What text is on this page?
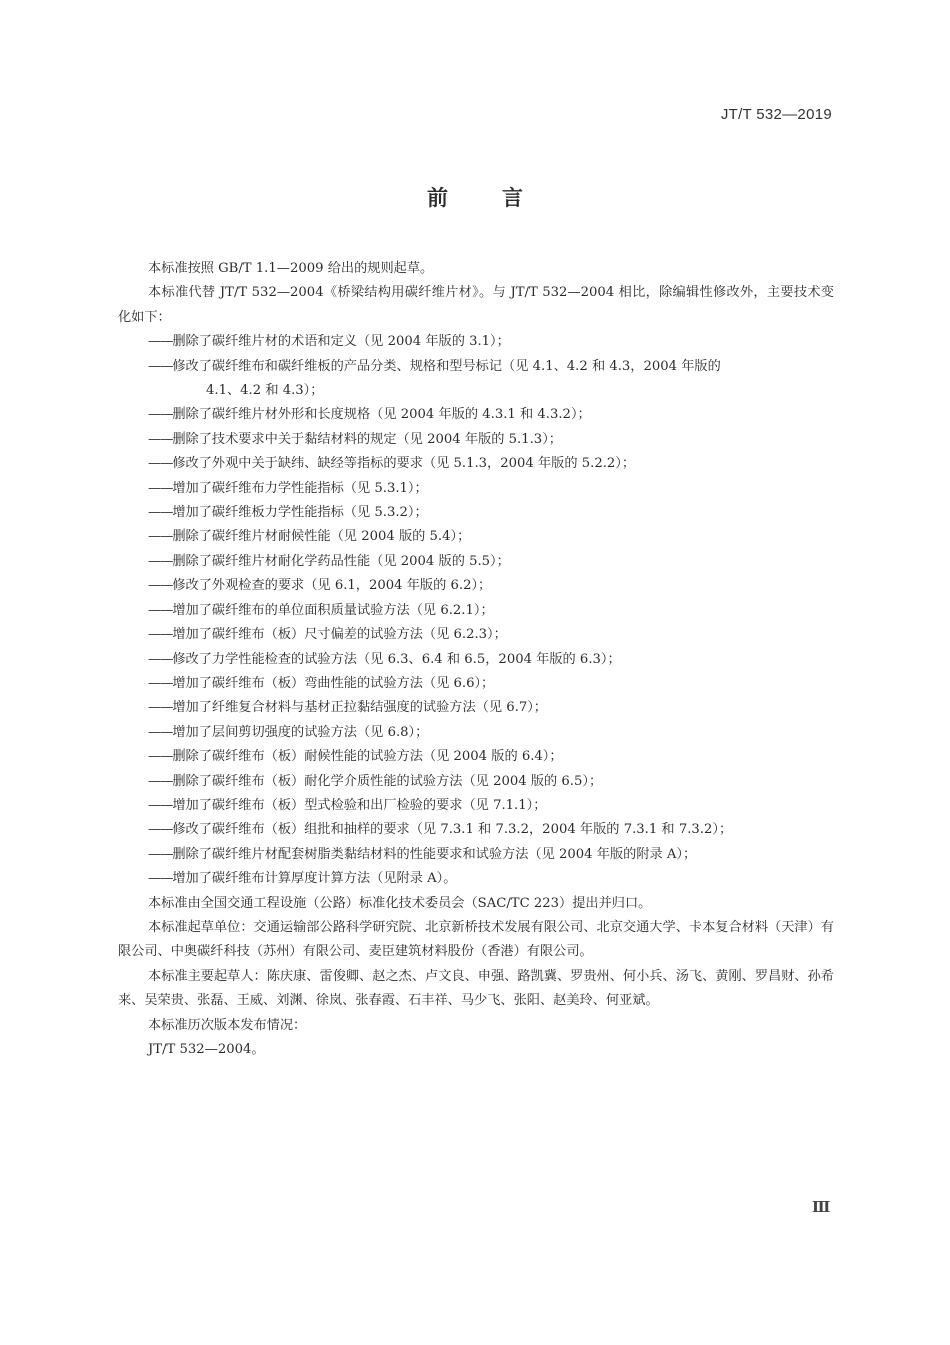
JT/T 532—2019
前	言

本标准按照 GB/T 1.1—2009 给出的规则起草。

本标准代替 JT/T 532—2004《桥梁结构用碳纤维片材》。与 JT/T 532—2004 相比，除编辑性修改外，主要技术变化如下：

——删除了碳纤维片材的术语和定义（见 2004 年版的 3.1）；

——修改了碳纤维布和碳纤维板的产品分类、规格和型号标记（见 4.1、4.2 和 4.3，2004 年版的
4.1、4.2 和 4.3）；

——删除了碳纤维片材外形和长度规格（见 2004 年版的 4.3.1 和 4.3.2）；

——删除了技术要求中关于黏结材料的规定（见 2004 年版的 5.1.3）；

——修改了外观中关于缺纬、缺经等指标的要求（见 5.1.3，2004 年版的 5.2.2）；

——增加了碳纤维布力学性能指标（见 5.3.1）；

——增加了碳纤维板力学性能指标（见 5.3.2）；

——删除了碳纤维片材耐候性能（见 2004 版的 5.4）；

——删除了碳纤维片材耐化学药品性能（见 2004 版的 5.5）；

——修改了外观检查的要求（见 6.1，2004 年版的 6.2）；

——增加了碳纤维布的单位面积质量试验方法（见 6.2.1）；

——增加了碳纤维布（板）尺寸偏差的试验方法（见 6.2.3）；

——修改了力学性能检查的试验方法（见 6.3、6.4 和 6.5，2004 年版的 6.3）；

——增加了碳纤维布（板）弯曲性能的试验方法（见 6.6）；

——增加了纤维复合材料与基材正拉黏结强度的试验方法（见 6.7）；

——增加了层间剪切强度的试验方法（见 6.8）；

——删除了碳纤维布（板）耐候性能的试验方法（见 2004 版的 6.4）；

——删除了碳纤维布（板）耐化学介质性能的试验方法（见 2004 版的 6.5）；

——增加了碳纤维布（板）型式检验和出厂检验的要求（见 7.1.1）；

——修改了碳纤维布（板）组批和抽样的要求（见 7.3.1 和 7.3.2，2004 年版的 7.3.1 和 7.3.2）；

——删除了碳纤维片材配套树脂类黏结材料的性能要求和试验方法（见 2004 年版的附录 A）；

——增加了碳纤维布计算厚度计算方法（见附录 A）。

本标准由全国交通工程设施（公路）标准化技术委员会（SAC/TC 223）提出并归口。

本标准起草单位：交通运输部公路科学研究院、北京新桥技术发展有限公司、北京交通大学、卡本复合材料（天津）有限公司、中奥碳纤科技（苏州）有限公司、麦臣建筑材料股份（香港）有限公司。

本标准主要起草人：陈庆康、雷俊卿、赵之杰、卢文良、申强、路凯冀、罗贵州、何小兵、汤飞、黄刚、罗昌财、孙希来、吴荣贵、张磊、王威、刘渊、徐岚、张春霞、石丰祥、马少飞、张阳、赵美玲、何亚斌。

本标准历次版本发布情况：

JT/T 532—2004。

Ⅲ
